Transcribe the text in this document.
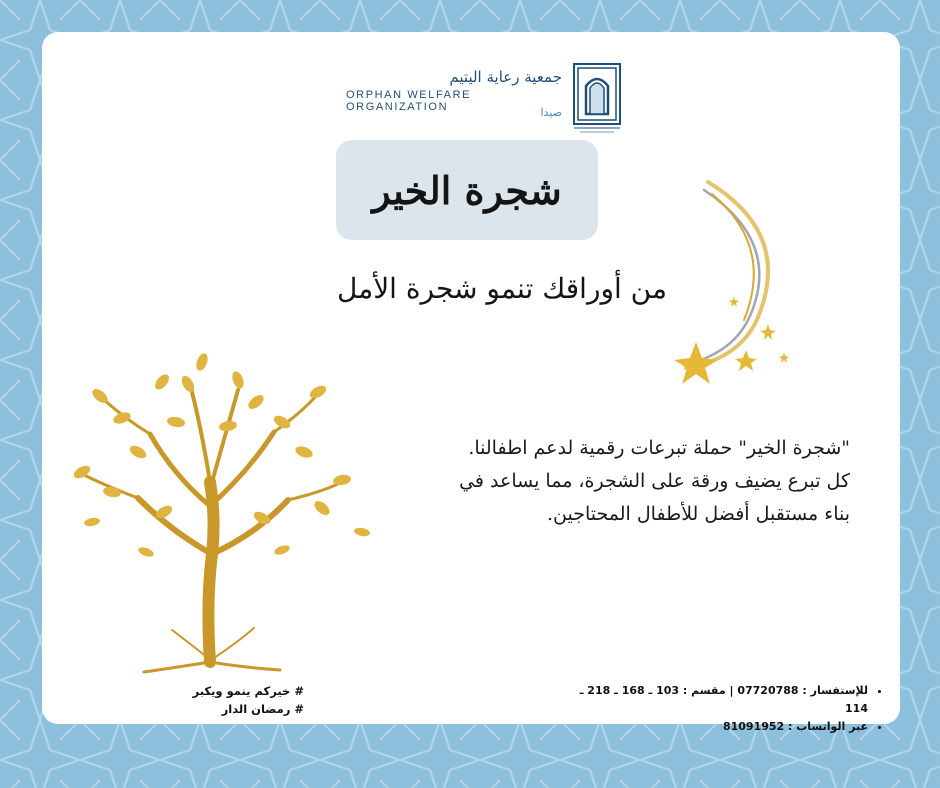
جمعية رعاية اليتيم
ORPHAN WELFARE ORGANIZATION	صيدا
شجرة الخير
من أوراقك تنمو شجرة الأمل
"شجرة الخير" حملة تبرعات رقمية لدعم اطفالنا.
كل تبرع يضيف ورقة على الشجرة، مما يساعد في
بناء مستقبل أفضل للأطفال المحتاجين.
# خيركم ينمو ويكبر
# رمضان الدار
• للإستفسار : 07720788 | مقسم : 103 ـ 168 ـ 218 ـ 114
• عبر الواتساب : 81091952
